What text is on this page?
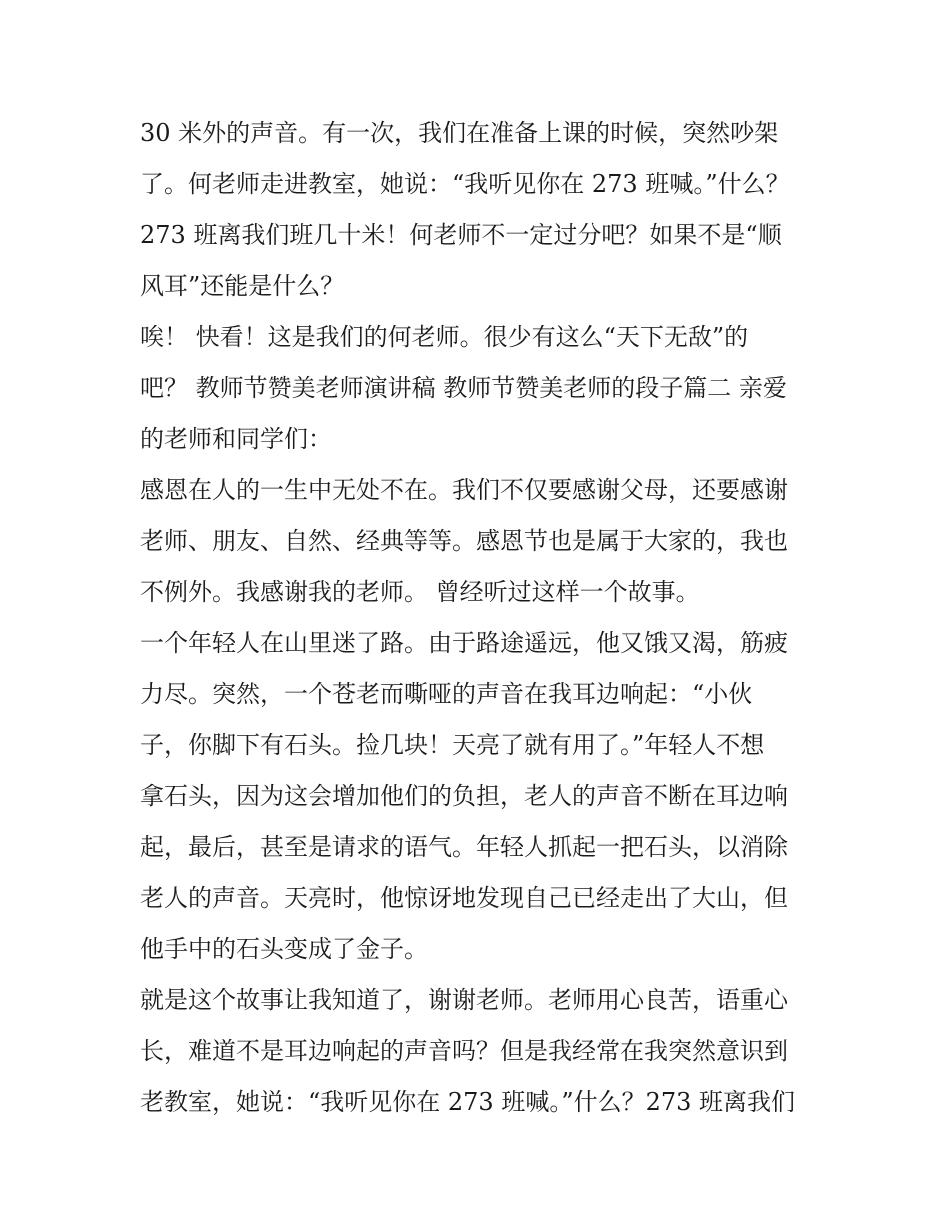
30 米外的声音。有一次，我们在准备上课的时候，突然吵架
了。何老师走进教室，她说：“我听见你在 273 班喊。”什么？
273 班离我们班几十米！何老师不一定过分吧？如果不是“顺
风耳”还能是什么？
唉！ 快看！这是我们的何老师。很少有这么“天下无敌”的
吧？ 教师节赞美老师演讲稿 教师节赞美老师的段子篇二 亲爱
的老师和同学们：
感恩在人的一生中无处不在。我们不仅要感谢父母，还要感谢
老师、朋友、自然、经典等等。感恩节也是属于大家的，我也
不例外。我感谢我的老师。 曾经听过这样一个故事。
一个年轻人在山里迷了路。由于路途遥远，他又饿又渴，筋疲
力尽。突然，一个苍老而嘶哑的声音在我耳边响起：“小伙
子，你脚下有石头。捡几块！天亮了就有用了。”年轻人不想
拿石头，因为这会增加他们的负担，老人的声音不断在耳边响
起，最后，甚至是请求的语气。年轻人抓起一把石头，以消除
老人的声音。天亮时，他惊讶地发现自己已经走出了大山，但
他手中的石头变成了金子。
就是这个故事让我知道了，谢谢老师。老师用心良苦，语重心
长，难道不是耳边响起的声音吗？但是我经常在我突然意识到
老教室，她说：“我听见你在 273 班喊。”什么？273 班离我们
